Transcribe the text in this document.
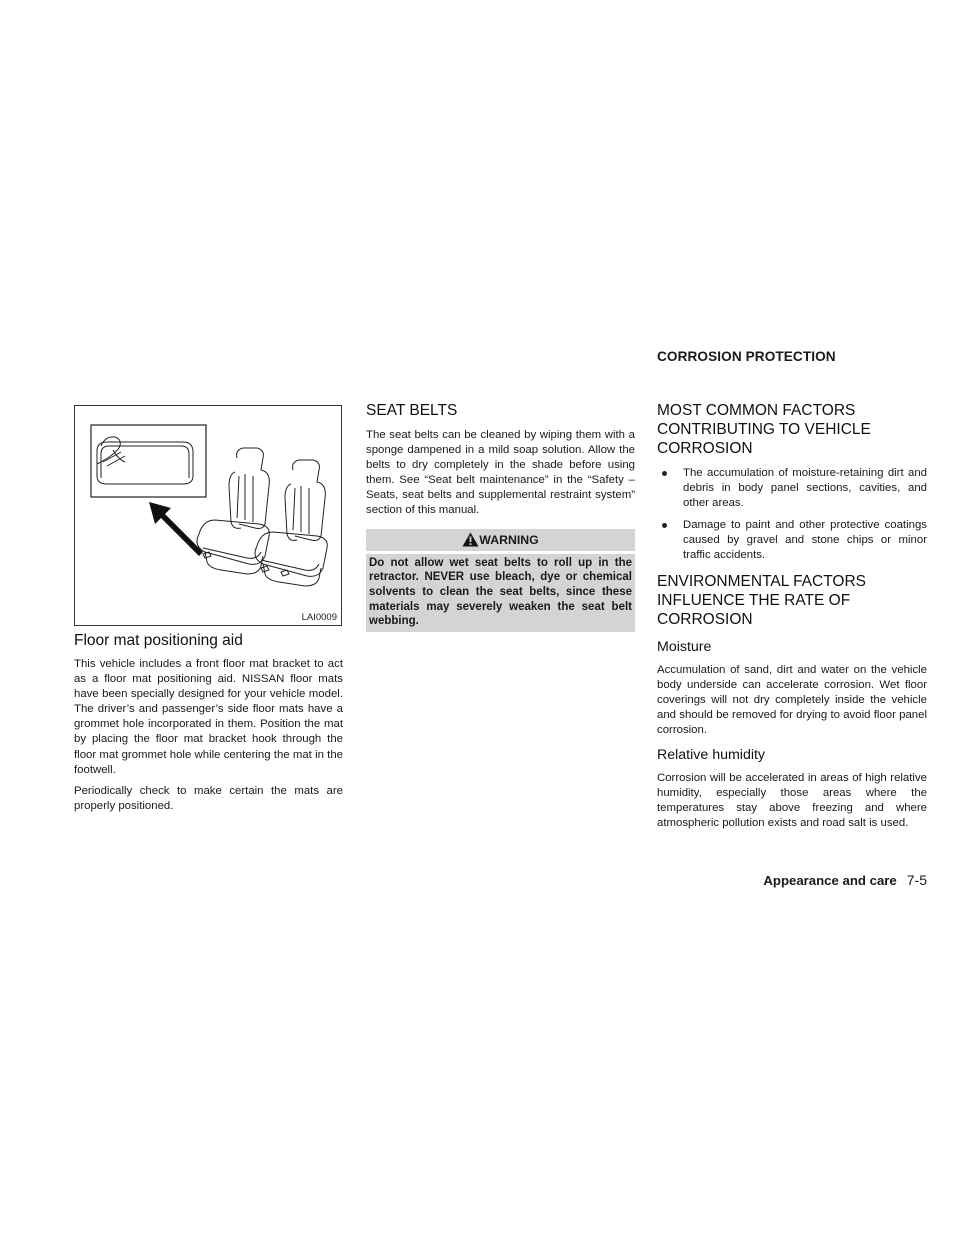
CORROSION PROTECTION
LAI0009
Floor mat positioning aid

This vehicle includes a front floor mat bracket to act as a floor mat positioning aid. NISSAN floor mats have been specially designed for your vehicle model. The driver’s and passenger’s side floor mats have a grommet hole incorporated in them. Position the mat by placing the floor mat bracket hook through the floor mat grommet hole while centering the mat in the footwell.

Periodically check to make certain the mats are properly positioned.

SEAT BELTS

The seat belts can be cleaned by wiping them with a sponge dampened in a mild soap solution. Allow the belts to dry completely in the shade before using them. See “Seat belt maintenance” in the “Safety – Seats, seat belts and supplemental restraint system” section of this manual.

WARNING
Do not allow wet seat belts to roll up in the retractor. NEVER use bleach, dye or chemical solvents to clean the seat belts, since these materials may severely weaken the seat belt webbing.
MOST COMMON FACTORS CONTRIBUTING TO VEHICLE CORROSION
The accumulation of moisture-retaining dirt and debris in body panel sections, cavities, and other areas.
Damage to paint and other protective coatings caused by gravel and stone chips or minor traffic accidents.
ENVIRONMENTAL FACTORS INFLUENCE THE RATE OF CORROSION
Moisture

Accumulation of sand, dirt and water on the vehicle body underside can accelerate corrosion. Wet floor coverings will not dry completely inside the vehicle and should be removed for drying to avoid floor panel corrosion.

Relative humidity

Corrosion will be accelerated in areas of high relative humidity, especially those areas where the temperatures stay above freezing and where atmospheric pollution exists and road salt is used.

Appearance and care 7-5
